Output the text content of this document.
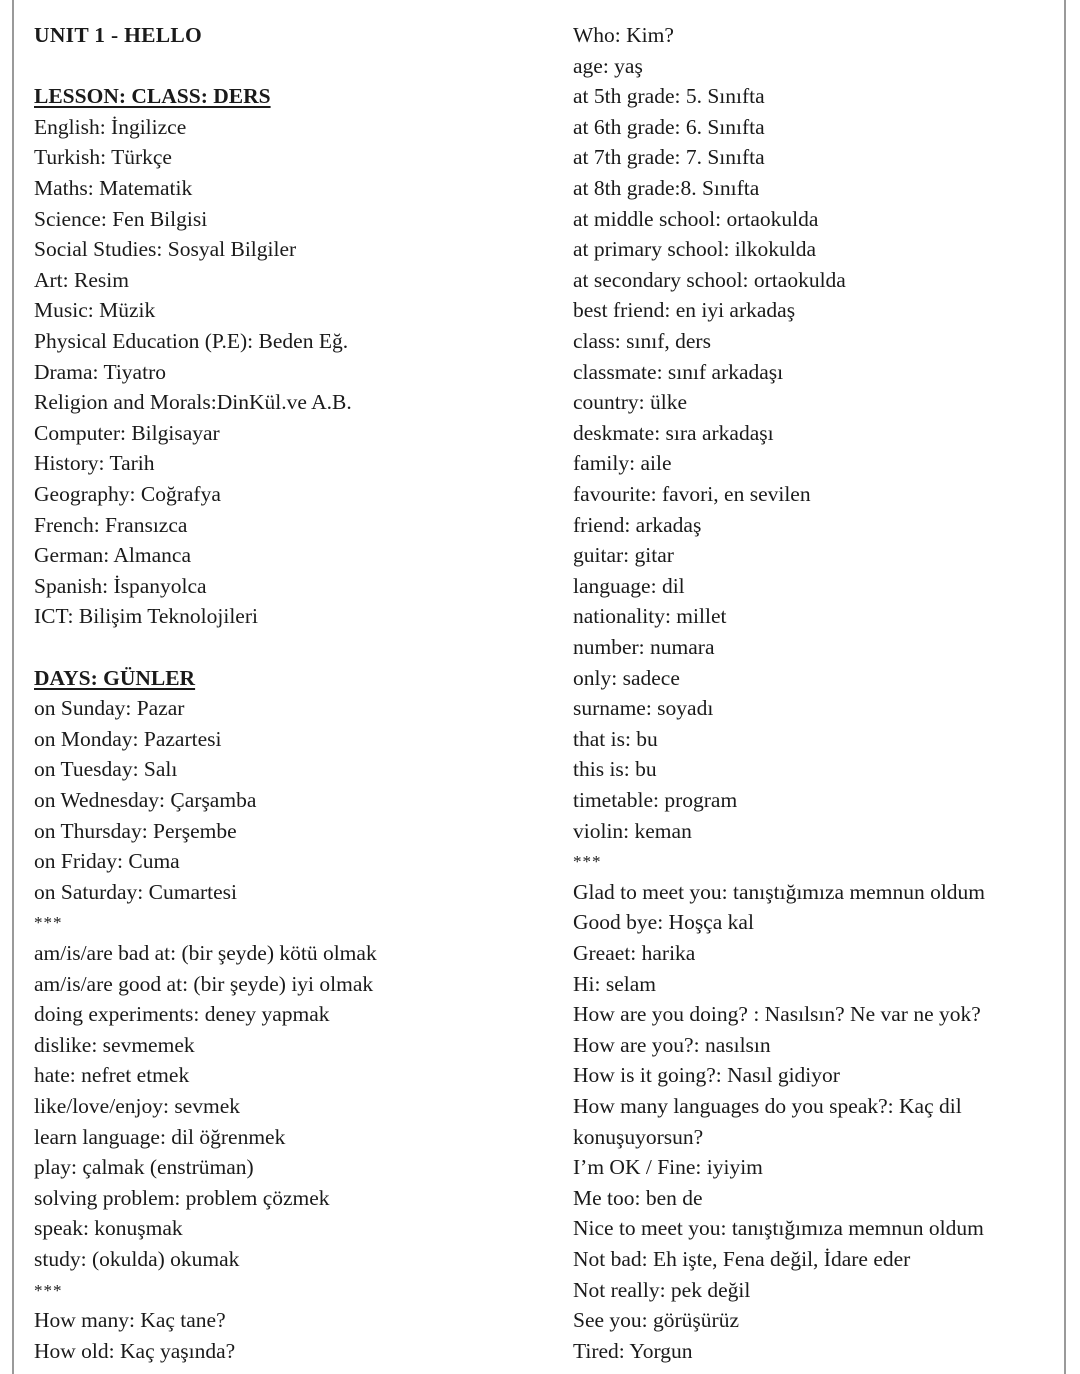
UNIT 1 - HELLO
LESSON: CLASS: DERS
English: İngilizce
Turkish: Türkçe
Maths: Matematik
Science: Fen Bilgisi
Social Studies: Sosyal Bilgiler
Art: Resim
Music: Müzik
Physical Education (P.E): Beden Eğ.
Drama: Tiyatro
Religion and Morals:DinKül.ve A.B.
Computer: Bilgisayar
History: Tarih
Geography: Coğrafya
French: Fransızca
German: Almanca
Spanish: İspanyolca
ICT: Bilişim Teknolojileri
DAYS: GÜNLER
on Sunday: Pazar
on Monday: Pazartesi
on Tuesday: Salı
on Wednesday: Çarşamba
on Thursday: Perşembe
on Friday: Cuma
on Saturday: Cumartesi
***
am/is/are bad at: (bir şeyde) kötü olmak
am/is/are good at: (bir şeyde) iyi olmak
doing experiments: deney yapmak
dislike: sevmemek
hate: nefret etmek
like/love/enjoy: sevmek
learn language: dil öğrenmek
play: çalmak (enstrüman)
solving problem: problem çözmek
speak: konuşmak
study: (okulda) okumak
***
How many: Kaç tane?
How old: Kaç yaşında?
Who: Kim?
age: yaş
at 5th grade: 5. Sınıfta
at 6th grade: 6. Sınıfta
at 7th grade: 7. Sınıfta
at 8th grade:8. Sınıfta
at middle school: ortaokulda
at primary school: ilkokulda
at secondary school: ortaokulda
best friend: en iyi arkadaş
class: sınıf, ders
classmate: sınıf arkadaşı
country: ülke
deskmate: sıra arkadaşı
family: aile
favourite: favori, en sevilen
friend: arkadaş
guitar: gitar
language: dil
nationality: millet
number: numara
only: sadece
surname: soyadı
that is: bu
this is: bu
timetable: program
violin: keman
***
Glad to meet you: tanıştığımıza memnun oldum
Good bye: Hoşça kal
Greaet: harika
Hi: selam
How are you doing? : Nasılsın? Ne var ne yok?
How are you?: nasılsın
How is it going?: Nasıl gidiyor
How many languages do you speak?: Kaç dil
konuşuyorsun?
I’m OK / Fine: iyiyim
Me too: ben de
Nice to meet you: tanıştığımıza memnun oldum
Not bad: Eh işte, Fena değil, İdare eder
Not really: pek değil
See you: görüşürüz
Tired: Yorgun
